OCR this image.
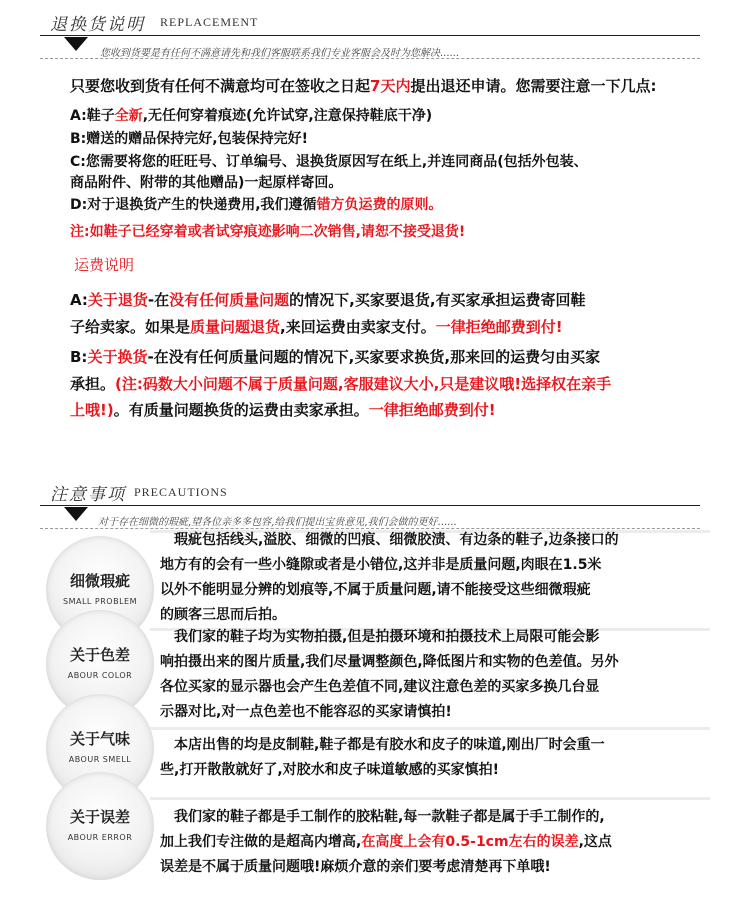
退换货说明 REPLACEMENT
您收到货要是有任何不满意请先和我们客服联系我们专业客服会及时为您解决......
只要您收到货有任何不满意均可在签收之日起7天内提出退还申请。您需要注意一下几点:
A:鞋子全新,无任何穿着痕迹(允许试穿,注意保持鞋底干净)
B:赠送的赠品保持完好,包装保持完好!
C:您需要将您的旺旺号、订单编号、退换货原因写在纸上,并连同商品(包括外包装、
商品附件、附带的其他赠品)一起原样寄回。
D:对于退换货产生的快递费用,我们遵循错方负运费的原则。
注:如鞋子已经穿着或者试穿痕迹影响二次销售,请恕不接受退货!
运费说明
A:关于退货-在没有任何质量问题的情况下,买家要退货,有买家承担运费寄回鞋
子给卖家。如果是质量问题退货,来回运费由卖家支付。一律拒绝邮费到付!
B:关于换货-在没有任何质量问题的情况下,买家要求换货,那来回的运费匀由买家
承担。(注:码数大小问题不属于质量问题,客服建议大小,只是建议哦!选择权在亲手
上哦!)。有质量问题换货的运费由卖家承担。一律拒绝邮费到付!
注意事项 PRECAUTIONS
对于存在细微的瑕疵,望各位亲多多包容,给我们提出宝贵意见,我们会做的更好......
细微瑕疵
SMALL PROBLEM
　瑕疵包括线头,溢胶、细微的凹痕、细微胶渍、有边条的鞋子,边条接口的
地方有的会有一些小缝隙或者是小错位,这并非是质量问题,肉眼在1.5米
以外不能明显分辨的划痕等,不属于质量问题,请不能接受这些细微瑕疵
的顾客三思而后拍。
关于色差
ABOUR COLOR
　我们家的鞋子均为实物拍摄,但是拍摄环境和拍摄技术上局限可能会影
响拍摄出来的图片质量,我们尽量调整颜色,降低图片和实物的色差值。另外
各位买家的显示器也会产生色差值不同,建议注意色差的买家多换几台显
示器对比,对一点色差也不能容忍的买家请慎拍!
关于气味
ABOUR SMELL
　本店出售的均是皮制鞋,鞋子都是有胶水和皮子的味道,刚出厂时会重一
些,打开散散就好了,对胶水和皮子味道敏感的买家慎拍!
关于误差
ABOUR ERROR
　我们家的鞋子都是手工制作的胶粘鞋,每一款鞋子都是属于手工制作的,
加上我们专注做的是超高内增高,在高度上会有0.5-1cm左右的误差,这点
误差是不属于质量问题哦!麻烦介意的亲们要考虑清楚再下单哦!
